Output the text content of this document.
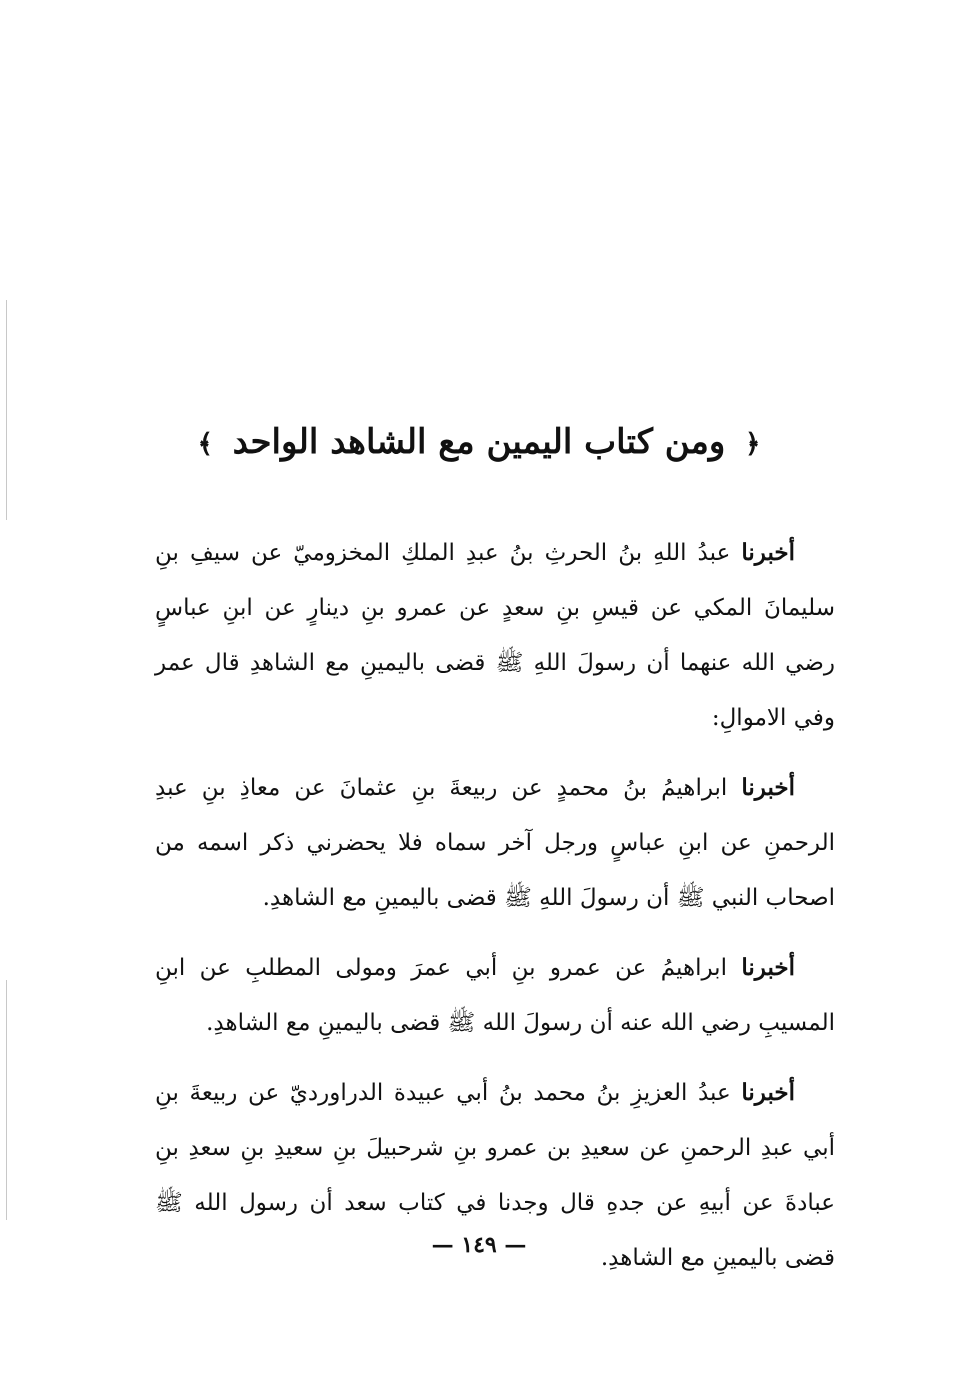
﴿ ومن كتاب اليمين مع الشاهد الواحد ﴾

أخبرنا عبدُ اللهِ بنُ الحرثِ بنُ عبدِ الملكِ المخزوميّ عن سيفِ بنِ سليمانَ المكي عن قيسِ بنِ سعدٍ عن عمرو بنِ دينارٍ عن ابنِ عباسٍ رضي الله عنهما أن رسولَ اللهِ ﷺ قضى باليمينِ مع الشاهدِ قال عمر وفي الاموالِ:

أخبرنا ابراهيمُ بنُ محمدٍ عن ربيعةَ بنِ عثمانَ عن معاذِ بنِ عبدِ الرحمنِ عن ابنِ عباسٍ ورجل آخر سماه فلا يحضرني ذكر اسمه من اصحاب النبي ﷺ أن رسولَ اللهِ ﷺ قضى باليمينِ مع الشاهدِ.

أخبرنا ابراهيمُ عن عمرو بنِ أبي عمرَ ومولى المطلبِ عن ابنِ المسيبِ رضي الله عنه أن رسولَ الله ﷺ قضى باليمينِ مع الشاهدِ.

أخبرنا عبدُ العزيزِ بنُ محمد بنُ أبي عبيدة الدراورديّ عن ربيعةَ بنِ أبي عبدِ الرحمنِ عن سعيدِ بن عمرو بنِ شرحبيلَ بنِ سعيدِ بنِ سعدِ بنِ عبادةَ عن أبيهِ عن جدهِ قال وجدنا في كتاب سعد أن رسول الله ﷺ قضى باليمينِ مع الشاهدِ.

— ١٤٩ —
